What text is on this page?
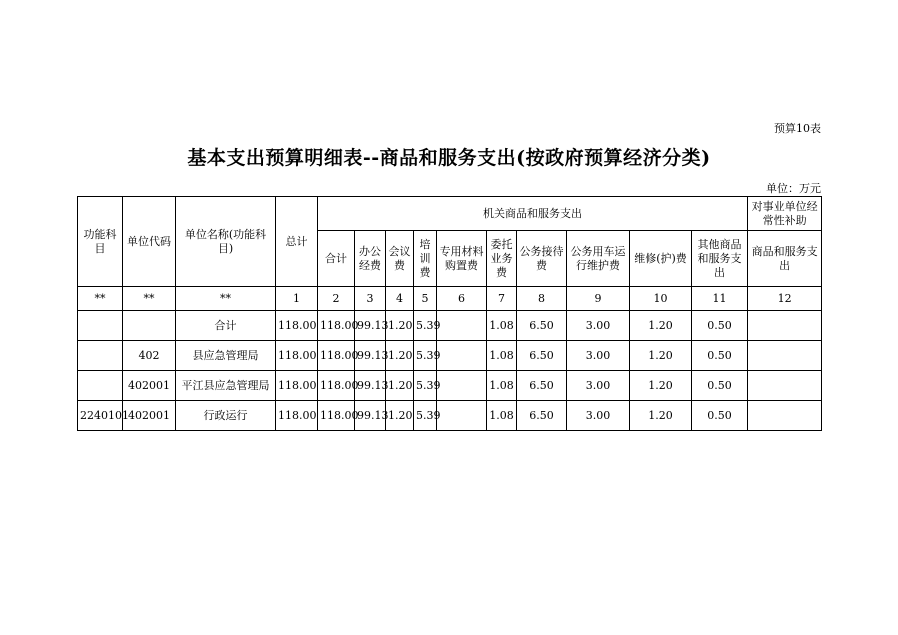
预算10表
基本支出预算明细表--商品和服务支出(按政府预算经济分类)
单位：万元
功能科目	单位代码	单位名称(功能科目)	总计	机关商品和服务支出										对事业单位经常性补助
				合计	办公经费	会议费	培训费	专用材料购置费	委托业务费	公务接待费	公务用车运行维护费	维修(护)费	其他商品和服务支出	商品和服务支出
**	**	**	1	2	3	4	5	6	7	8	9	10	11	12
		合计	118.00	118.00	99.13	1.20	5.39		1.08	6.50	3.00	1.20	0.50	
	402	县应急管理局	118.00	118.00	99.13	1.20	5.39		1.08	6.50	3.00	1.20	0.50	
	402001	平江县应急管理局	118.00	118.00	99.13	1.20	5.39		1.08	6.50	3.00	1.20	0.50	
2240101	402001	行政运行	118.00	118.00	99.13	1.20	5.39		1.08	6.50	3.00	1.20	0.50	
